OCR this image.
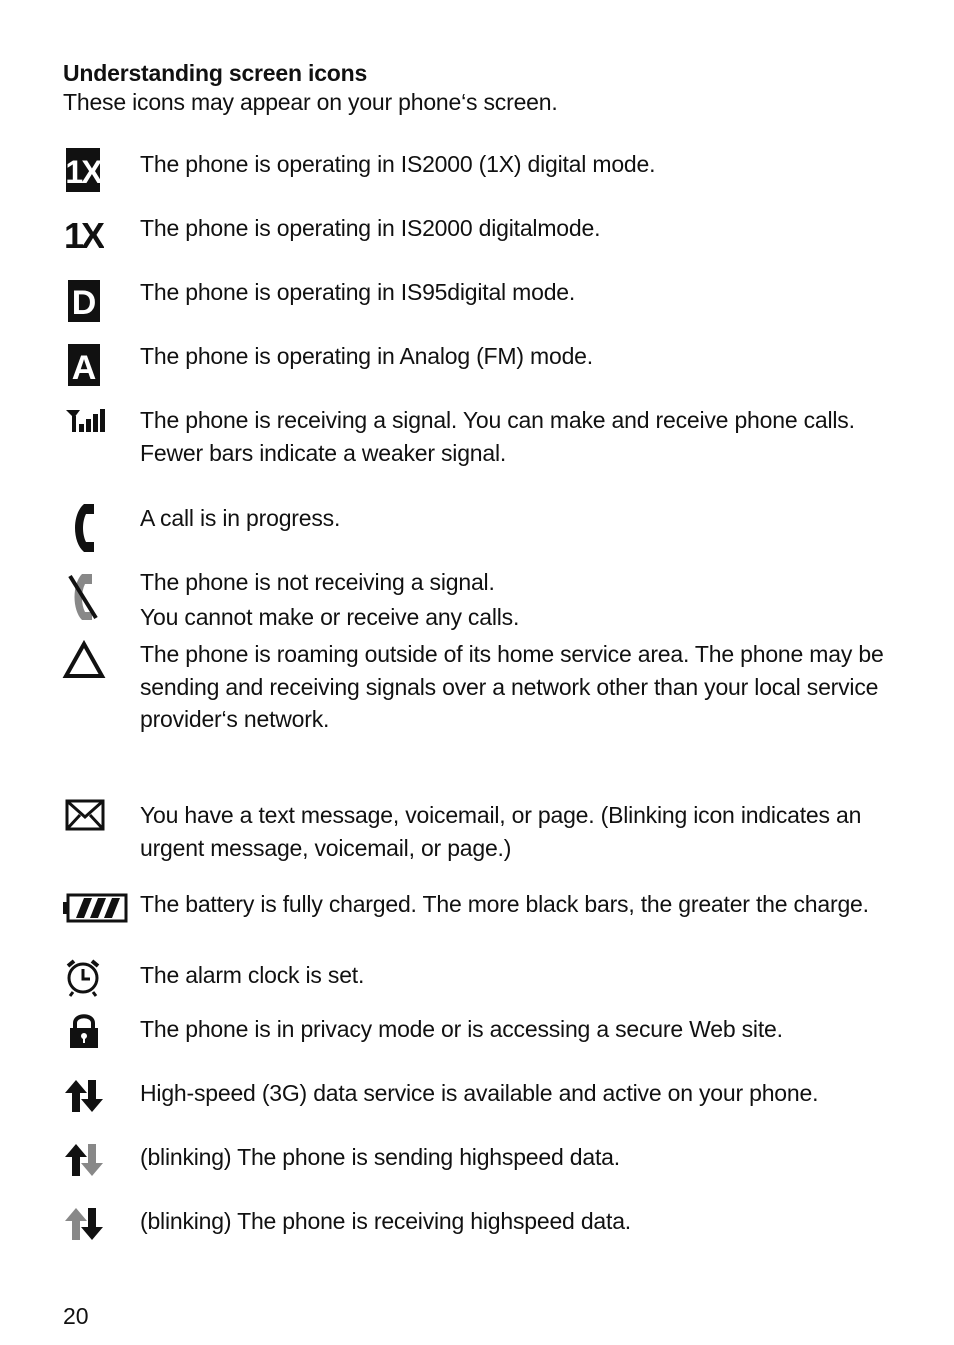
Understanding screen icons
These icons may appear on your phone‘s screen.
1X The phone is operating in IS2000 (1X) digital mode.
1X The phone is operating in IS2000 digitalmode.
D The phone is operating in IS95digital mode.
A The phone is operating in Analog (FM) mode.
The phone is receiving a signal. You can make and receive phone calls. Fewer bars indicate a weaker signal.
A call is in progress.
The phone is not receiving a signal.
You cannot make or receive any calls.
The phone is roaming outside of its home service area. The phone may be sending and receiving signals over a network other than your local service provider‘s network.
You have a text message, voicemail, or page. (Blinking icon indicates an urgent message, voicemail, or page.)
The battery is fully charged. The more black bars, the greater the charge.
The alarm clock is set.
The phone is in privacy mode or is accessing a secure Web site.
High-speed (3G) data service is available and active on your phone.
(blinking) The phone is sending highspeed data.
(blinking) The phone is receiving highspeed data.
20
